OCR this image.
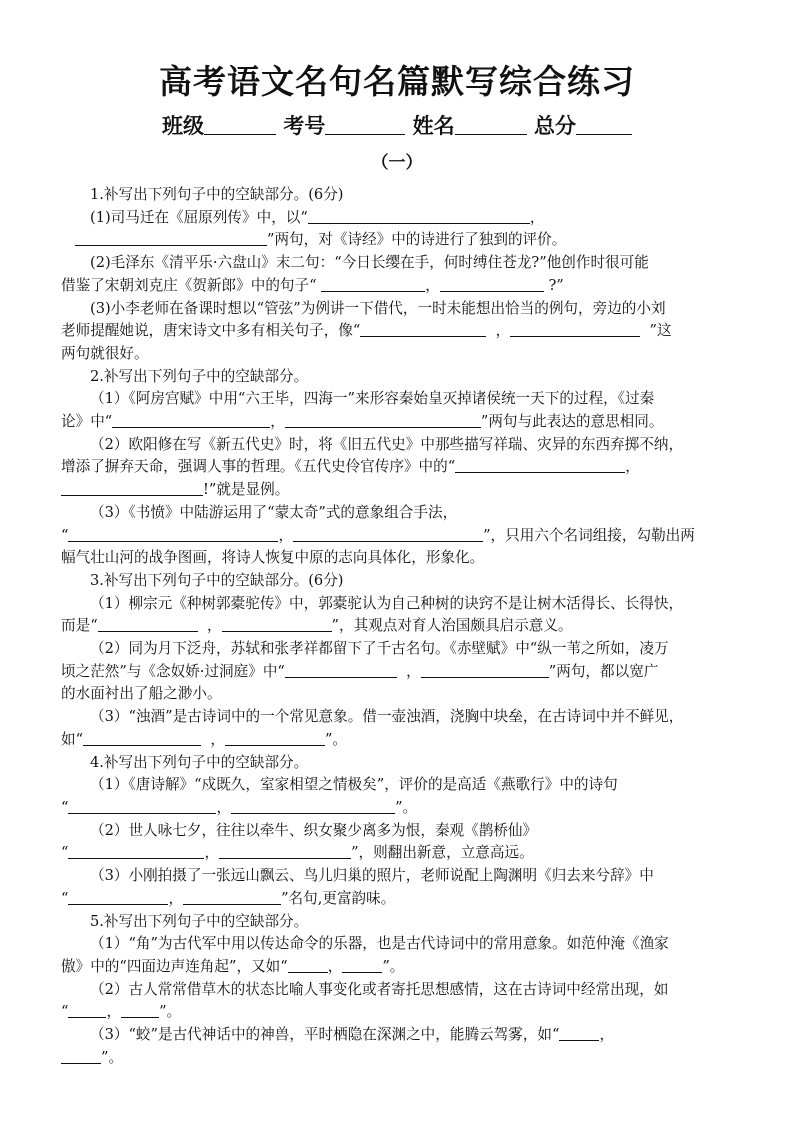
高考语文名句名篇默写综合练习
班级	考号	姓名	总分
（一）

1.补写出下列句子中的空缺部分。(6分)

(1)司马迁在《屈原列传》中，以“	，

”两句，对《诗经》中的诗进行了独到的评价。

(2)毛泽东《清平乐·六盘山》末二句：“今日长缨在手，何时缚住苍龙?”他创作时很可能

借鉴了宋朝刘克庄《贺新郎》中的句子“	，	?”

(3)小李老师在备课时想以“管弦”为例讲一下借代，一时未能想出恰当的例句，旁边的小刘

老师提醒她说，唐宋诗文中多有相关句子，像“	，	”这

两句就很好。

2.补写出下列句子中的空缺部分。

（1）《阿房宫赋》中用“六王毕，四海一”来形容秦始皇灭掉诸侯统一天下的过程，《过秦

论》中“	，	”两句与此表达的意思相同。

（2）欧阳修在写《新五代史》时，将《旧五代史》中那些描写祥瑞、灾异的东西弃掷不纳，

增添了摒弃天命，强调人事的哲理。《五代史伶官传序》中的“	，

!”就是显例。

（3）《书愤》中陆游运用了“蒙太奇”式的意象组合手法，

“	，	”，只用六个名词组接，勾勒出两

幅气壮山河的战争图画，将诗人恢复中原的志向具体化，形象化。

3.补写出下列句子中的空缺部分。(6分)

（1）柳宗元《种树郭橐驼传》中，郭橐驼认为自己种树的诀窍不是让树木活得长、长得快，

而是“	，	”，其观点对育人治国颇具启示意义。

（2）同为月下泛舟，苏轼和张孝祥都留下了千古名句。《赤壁赋》中“纵一苇之所如，凌万

顷之茫然”与《念奴娇·过洞庭》中“	，	”两句，都以宽广

的水面衬出了船之渺小。

（3）“浊酒”是古诗词中的一个常见意象。借一壶浊酒，浇胸中块垒，在古诗词中并不鲜见，

如“	，	”。

4.补写出下列句子中的空缺部分。

（1）《唐诗解》“戍既久，室家相望之情极矣”，评价的是高适《燕歌行》中的诗句

“	，	”。

（2）世人咏七夕，往往以牵牛、织女聚少离多为恨，秦观《鹊桥仙》

“	，	”，则翻出新意，立意高远。

（3）小刚拍摄了一张远山飘云、鸟儿归巢的照片，老师说配上陶渊明《归去来兮辞》中

“	，	”名句,更富韵味。

5.补写出下列句子中的空缺部分。

（1）“角”为古代军中用以传达命令的乐器，也是古代诗词中的常用意象。如范仲淹《渔家

傲》中的“四面边声连角起”，又如“	，	”。

（2）古人常常借草木的状态比喻人事变化或者寄托思想感情，这在古诗词中经常出现，如

“	，	”。

（3）“蛟”是古代神话中的神兽，平时栖隐在深渊之中，能腾云驾雾，如“	，

”。
